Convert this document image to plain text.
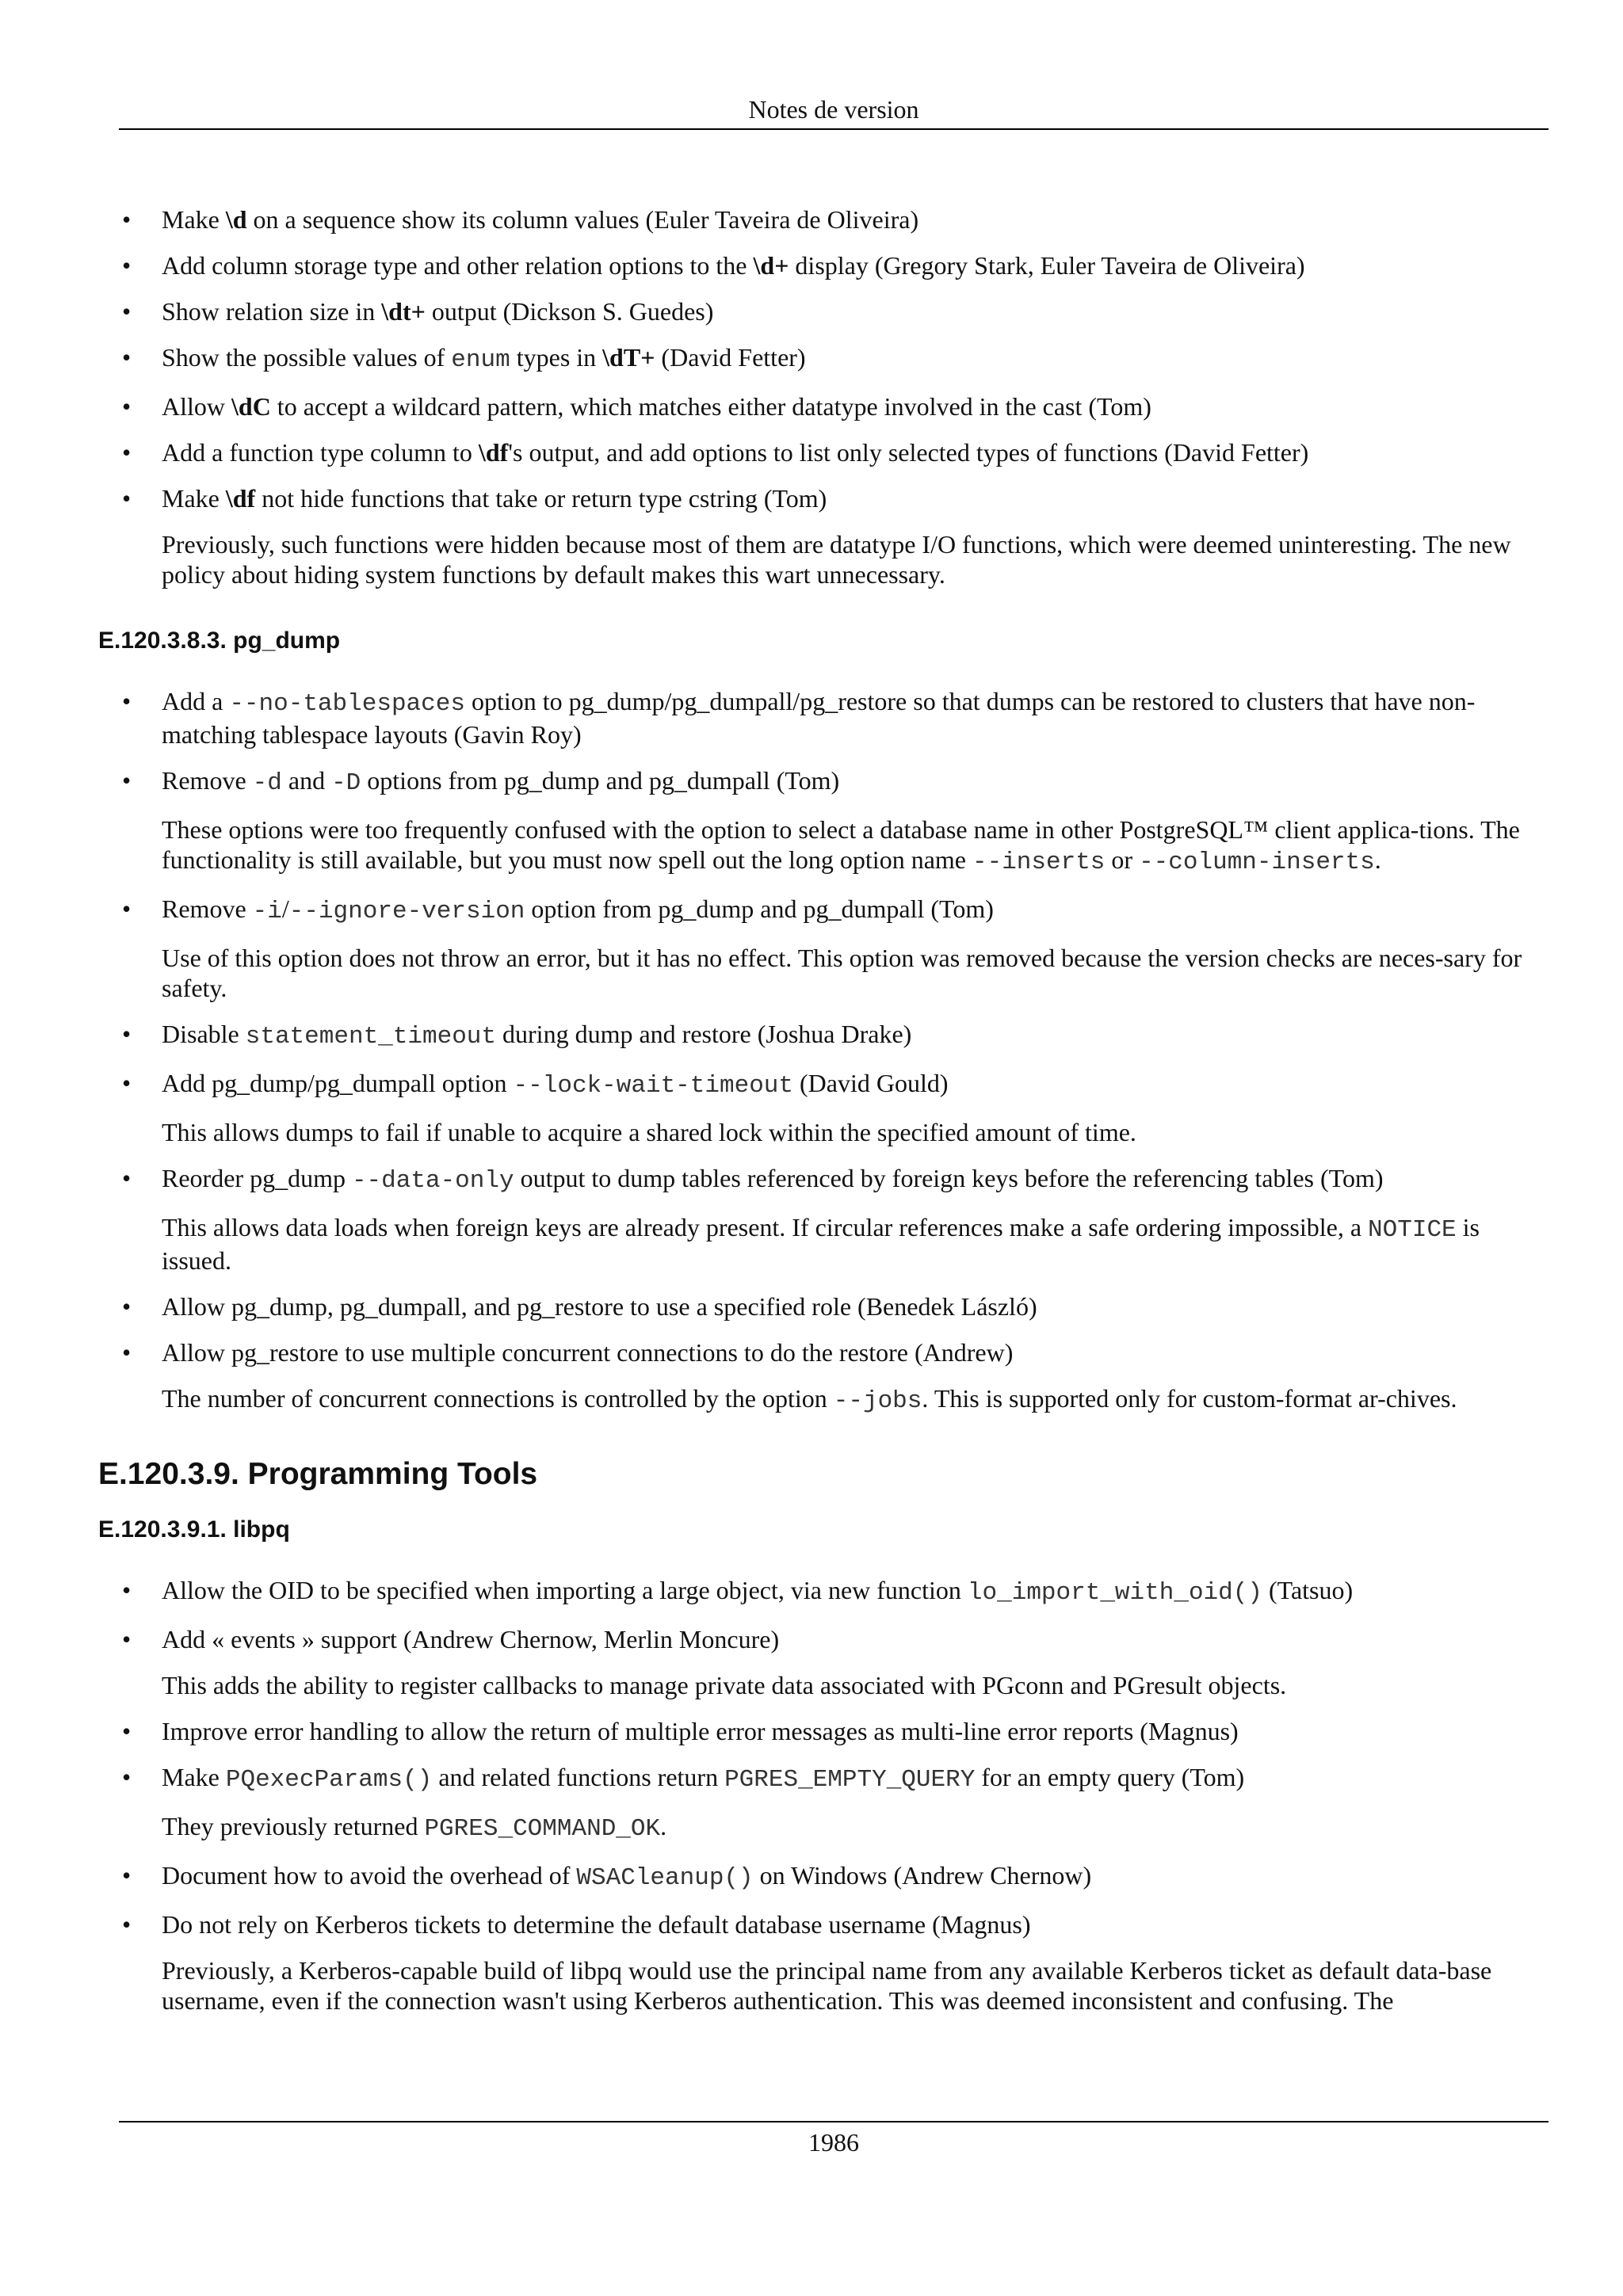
Notes de version
• Make \d on a sequence show its column values (Euler Taveira de Oliveira)
• Add column storage type and other relation options to the \d+ display (Gregory Stark, Euler Taveira de Oliveira)
• Show relation size in \dt+ output (Dickson S. Guedes)
• Show the possible values of enum types in \dT+ (David Fetter)
• Allow \dC to accept a wildcard pattern, which matches either datatype involved in the cast (Tom)
• Add a function type column to \df's output, and add options to list only selected types of functions (David Fetter)
• Make \df not hide functions that take or return type cstring (Tom)

Previously, such functions were hidden because most of them are datatype I/O functions, which were deemed uninteresting. The new policy about hiding system functions by default makes this wart unnecessary.

E.120.3.8.3. pg_dump
• Add a --no-tablespaces option to pg_dump/pg_dumpall/pg_restore so that dumps can be restored to clusters that have non-matching tablespace layouts (Gavin Roy)
• Remove -d and -D options from pg_dump and pg_dumpall (Tom)

These options were too frequently confused with the option to select a database name in other PostgreSQL™ client applica-tions. The functionality is still available, but you must now spell out the long option name --inserts or --column-inserts.

• Remove -i/--ignore-version option from pg_dump and pg_dumpall (Tom)

Use of this option does not throw an error, but it has no effect. This option was removed because the version checks are neces-sary for safety.

• Disable statement_timeout during dump and restore (Joshua Drake)
• Add pg_dump/pg_dumpall option --lock-wait-timeout (David Gould)

This allows dumps to fail if unable to acquire a shared lock within the specified amount of time.

• Reorder pg_dump --data-only output to dump tables referenced by foreign keys before the referencing tables (Tom)

This allows data loads when foreign keys are already present. If circular references make a safe ordering impossible, a NOTICE is issued.

• Allow pg_dump, pg_dumpall, and pg_restore to use a specified role (Benedek László)
• Allow pg_restore to use multiple concurrent connections to do the restore (Andrew)

The number of concurrent connections is controlled by the option --jobs. This is supported only for custom-format ar-chives.

E.120.3.9. Programming Tools
E.120.3.9.1. libpq
• Allow the OID to be specified when importing a large object, via new function lo_import_with_oid() (Tatsuo)
• Add « events » support (Andrew Chernow, Merlin Moncure)

This adds the ability to register callbacks to manage private data associated with PGconn and PGresult objects.

• Improve error handling to allow the return of multiple error messages as multi-line error reports (Magnus)
• Make PQexecParams() and related functions return PGRES_EMPTY_QUERY for an empty query (Tom)

They previously returned PGRES_COMMAND_OK.

• Document how to avoid the overhead of WSACleanup() on Windows (Andrew Chernow)
• Do not rely on Kerberos tickets to determine the default database username (Magnus)

Previously, a Kerberos-capable build of libpq would use the principal name from any available Kerberos ticket as default data-base username, even if the connection wasn't using Kerberos authentication. This was deemed inconsistent and confusing. The

1986
